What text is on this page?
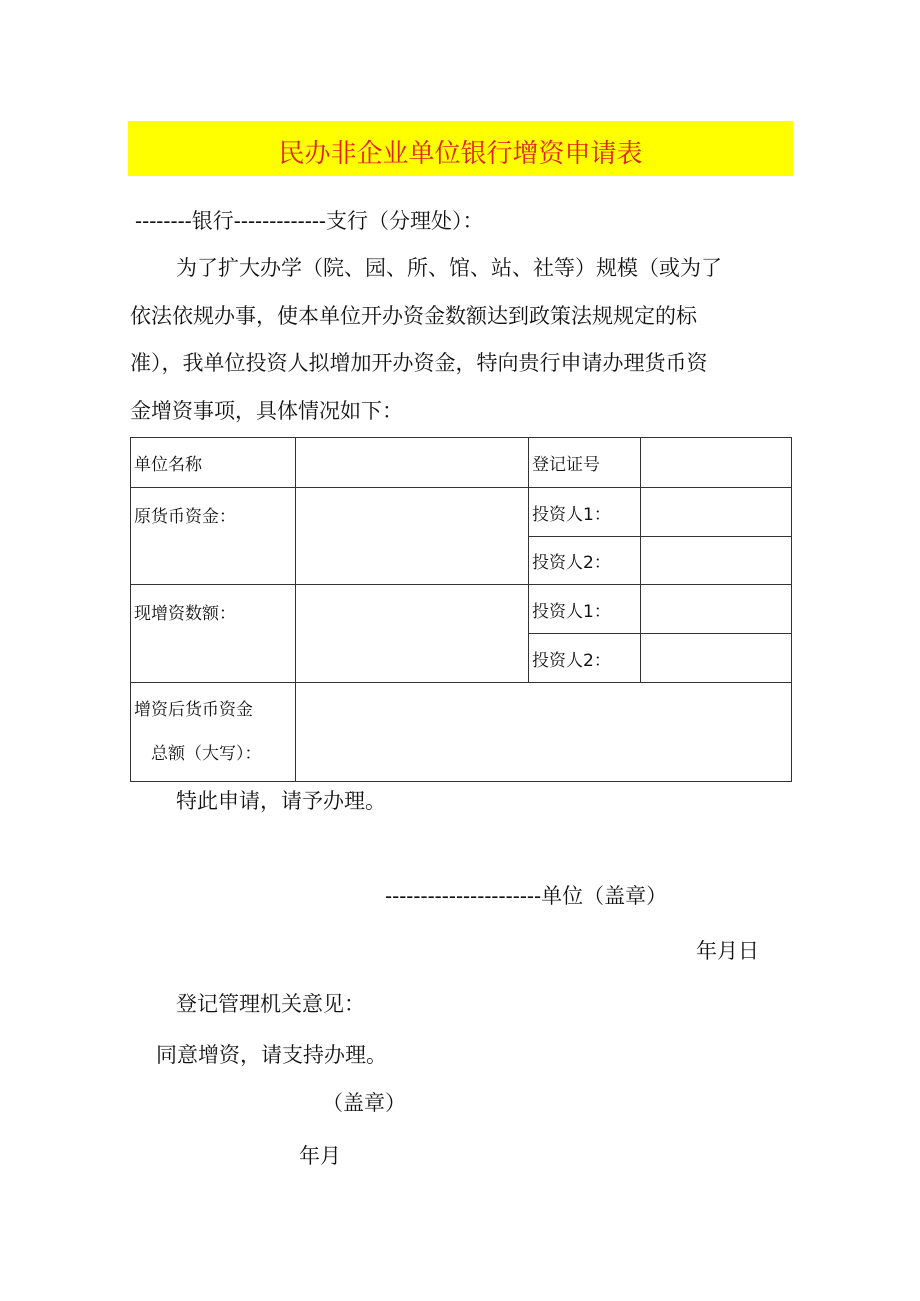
民办非企业单位银行增资申请表
--------银行-------------支行（分理处）：
为了扩大办学（院、园、所、馆、站、社等）规模（或为了
依法依规办事，使本单位开办资金数额达到政策法规规定的标
准），我单位投资人拟增加开办资金，特向贵行申请办理货币资
金增资事项，具体情况如下：
单位名称		登记证号	
原货币资金：		投资人1：	
		投资人2：	
现增资数额：		投资人1：	
		投资人2：	

增资后货币资金
总额（大写）：			

特此申请，请予办理。
----------------------单位（盖章）
年月日
登记管理机关意见：
同意增资，请支持办理。
（盖章）
年月
